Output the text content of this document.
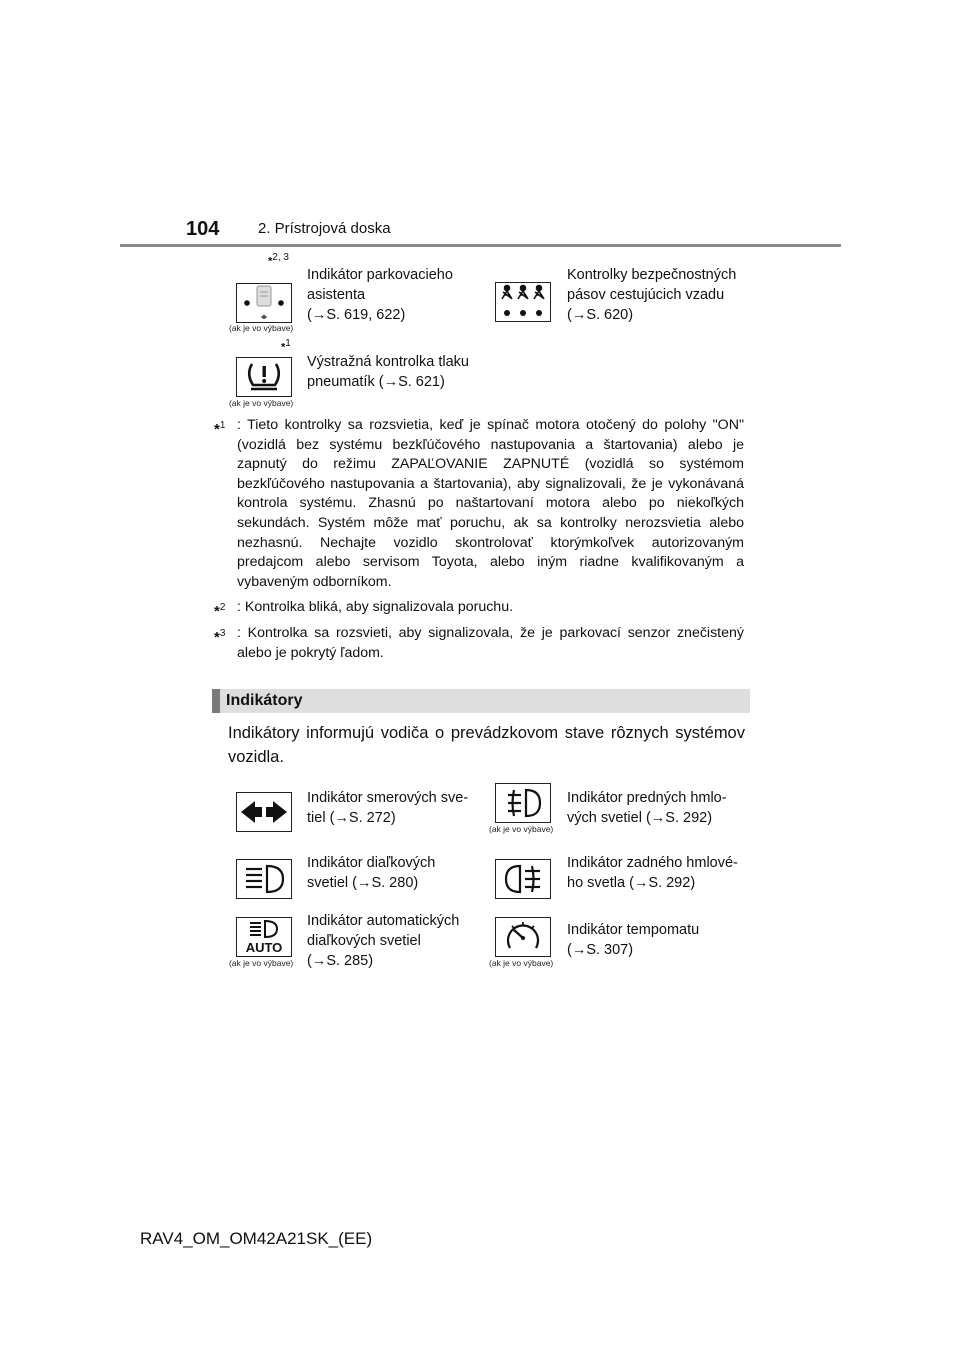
104	2. Prístrojová doska
*$^{2, 3}$
(ak je vo výbave)
Indikátor parkovacieho
asistenta
(→S. 619, 622)
Kontrolky bezpečnostných
pásov cestujúcich vzadu
(→S. 620)
*$^1$
(ak je vo výbave)
Výstražná kontrolka tlaku
pneumatík (→S. 621)
*$^1$ : Tieto kontrolky sa rozsvietia, keď je spínač motora otočený do polohy "ON" (vozidlá bez systému bezkľúčového nastupovania a štartovania) alebo je zapnutý do režimu ZAPAĽOVANIE ZAPNUTÉ (vozidlá so systémom bezkľúčového nastupovania a štartovania), aby signalizovali, že je vykonávaná kontrola systému. Zhasnú po naštartovaní motora alebo po niekoľkých sekundách. Systém môže mať poruchu, ak sa kontrolky nerozsvietia alebo nezhasnú. Nechajte vozidlo skontrolovať ktorýmkoľvek autorizovaným predajcom alebo servisom Toyota, alebo iným riadne kvalifikovaným a vybaveným odborníkom.
*$^2$ : Kontrolka bliká, aby signalizovala poruchu.
*$^3$ : Kontrolka sa rozsvieti, aby signalizovala, že je parkovací senzor znečistený alebo je pokrytý ľadom.
Indikátory
Indikátory informujú vodiča o prevádzkovom stave rôznych systémov vozidla.
Indikátor smerových sve-
tiel (→S. 272)
(ak je vo výbave)
Indikátor predných hmlo-
vých svetiel (→S. 292)
Indikátor diaľkových
svetiel (→S. 280)
Indikátor zadného hmlové-
ho svetla (→S. 292)
AUTO
(ak je vo výbave)
Indikátor automatických
diaľkových svetiel
(→S. 285)	(ak je vo výbave)
Indikátor tempomatu
(→S. 307)
RAV4_OM_OM42A21SK_(EE)
